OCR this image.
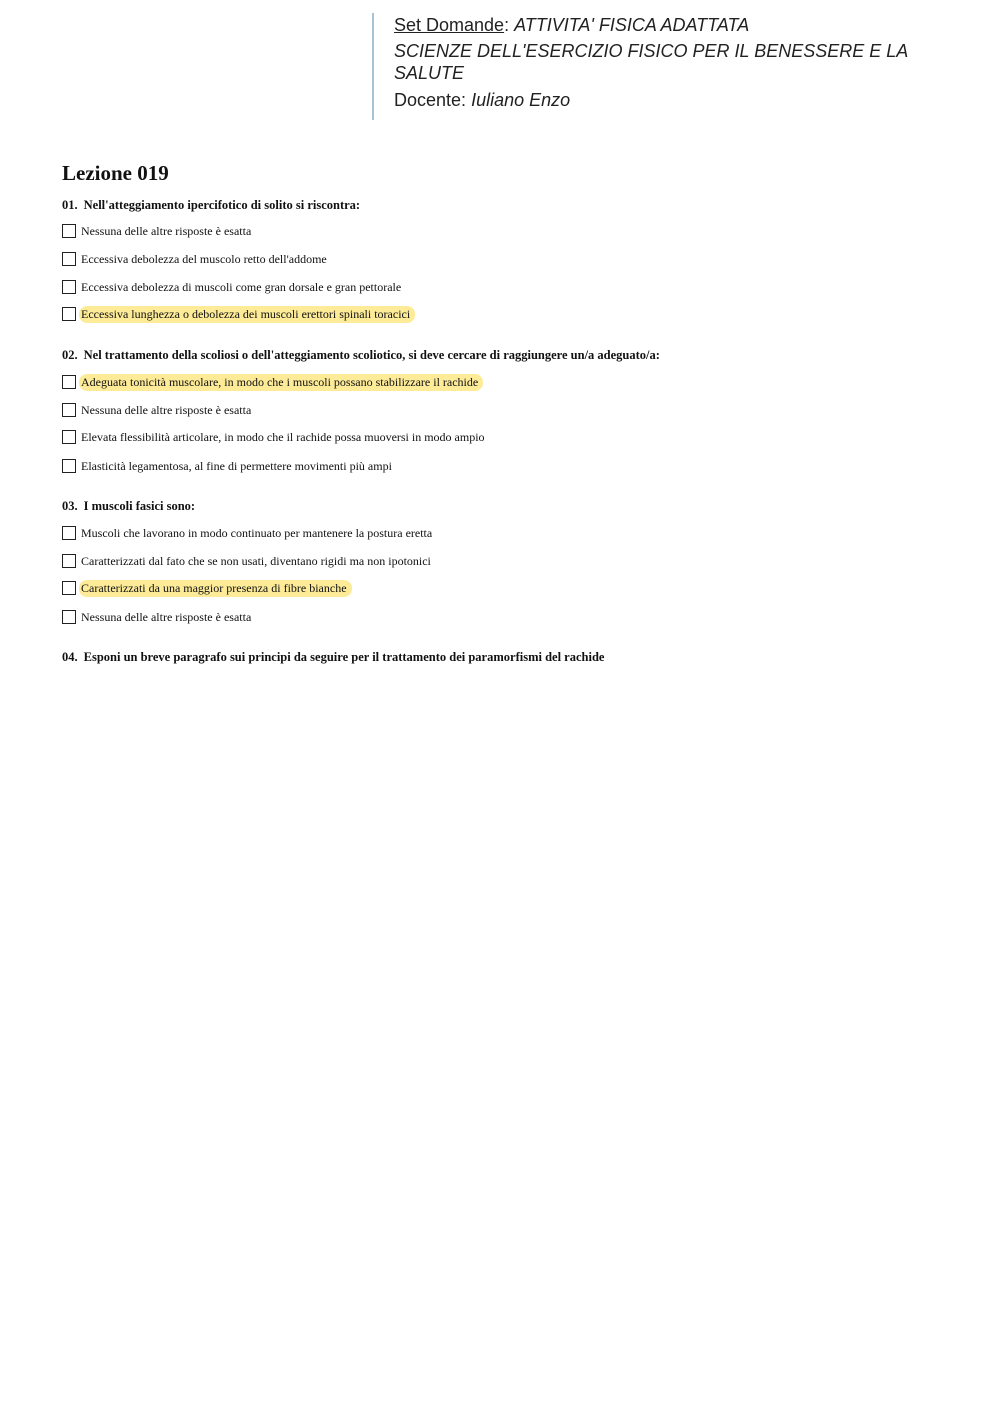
Set Domande: ATTIVITA' FISICA ADATTATA
SCIENZE DELL'ESERCIZIO FISICO PER IL BENESSERE E LA SALUTE
Docente: Iuliano Enzo
Lezione 019
01. Nell'atteggiamento ipercifotico di solito si riscontra:
Nessuna delle altre risposte è esatta
Eccessiva debolezza del muscolo retto dell'addome
Eccessiva debolezza di muscoli come gran dorsale e gran pettorale
Eccessiva lunghezza o debolezza dei muscoli erettori spinali toracici
02. Nel trattamento della scoliosi o dell'atteggiamento scoliotico, si deve cercare di raggiungere un/a adeguato/a:
Adeguata tonicità muscolare, in modo che i muscoli possano stabilizzare il rachide
Nessuna delle altre risposte è esatta
Elevata flessibilità articolare, in modo che il rachide possa muoversi in modo ampio
Elasticità legamentosa, al fine di permettere movimenti più ampi
03. I muscoli fasici sono:
Muscoli che lavorano in modo continuato per mantenere la postura eretta
Caratterizzati dal fato che se non usati, diventano rigidi ma non ipotonici
Caratterizzati da una maggior presenza di fibre bianche
Nessuna delle altre risposte è esatta
04. Esponi un breve paragrafo sui principi da seguire per il trattamento dei paramorfismi del rachide
